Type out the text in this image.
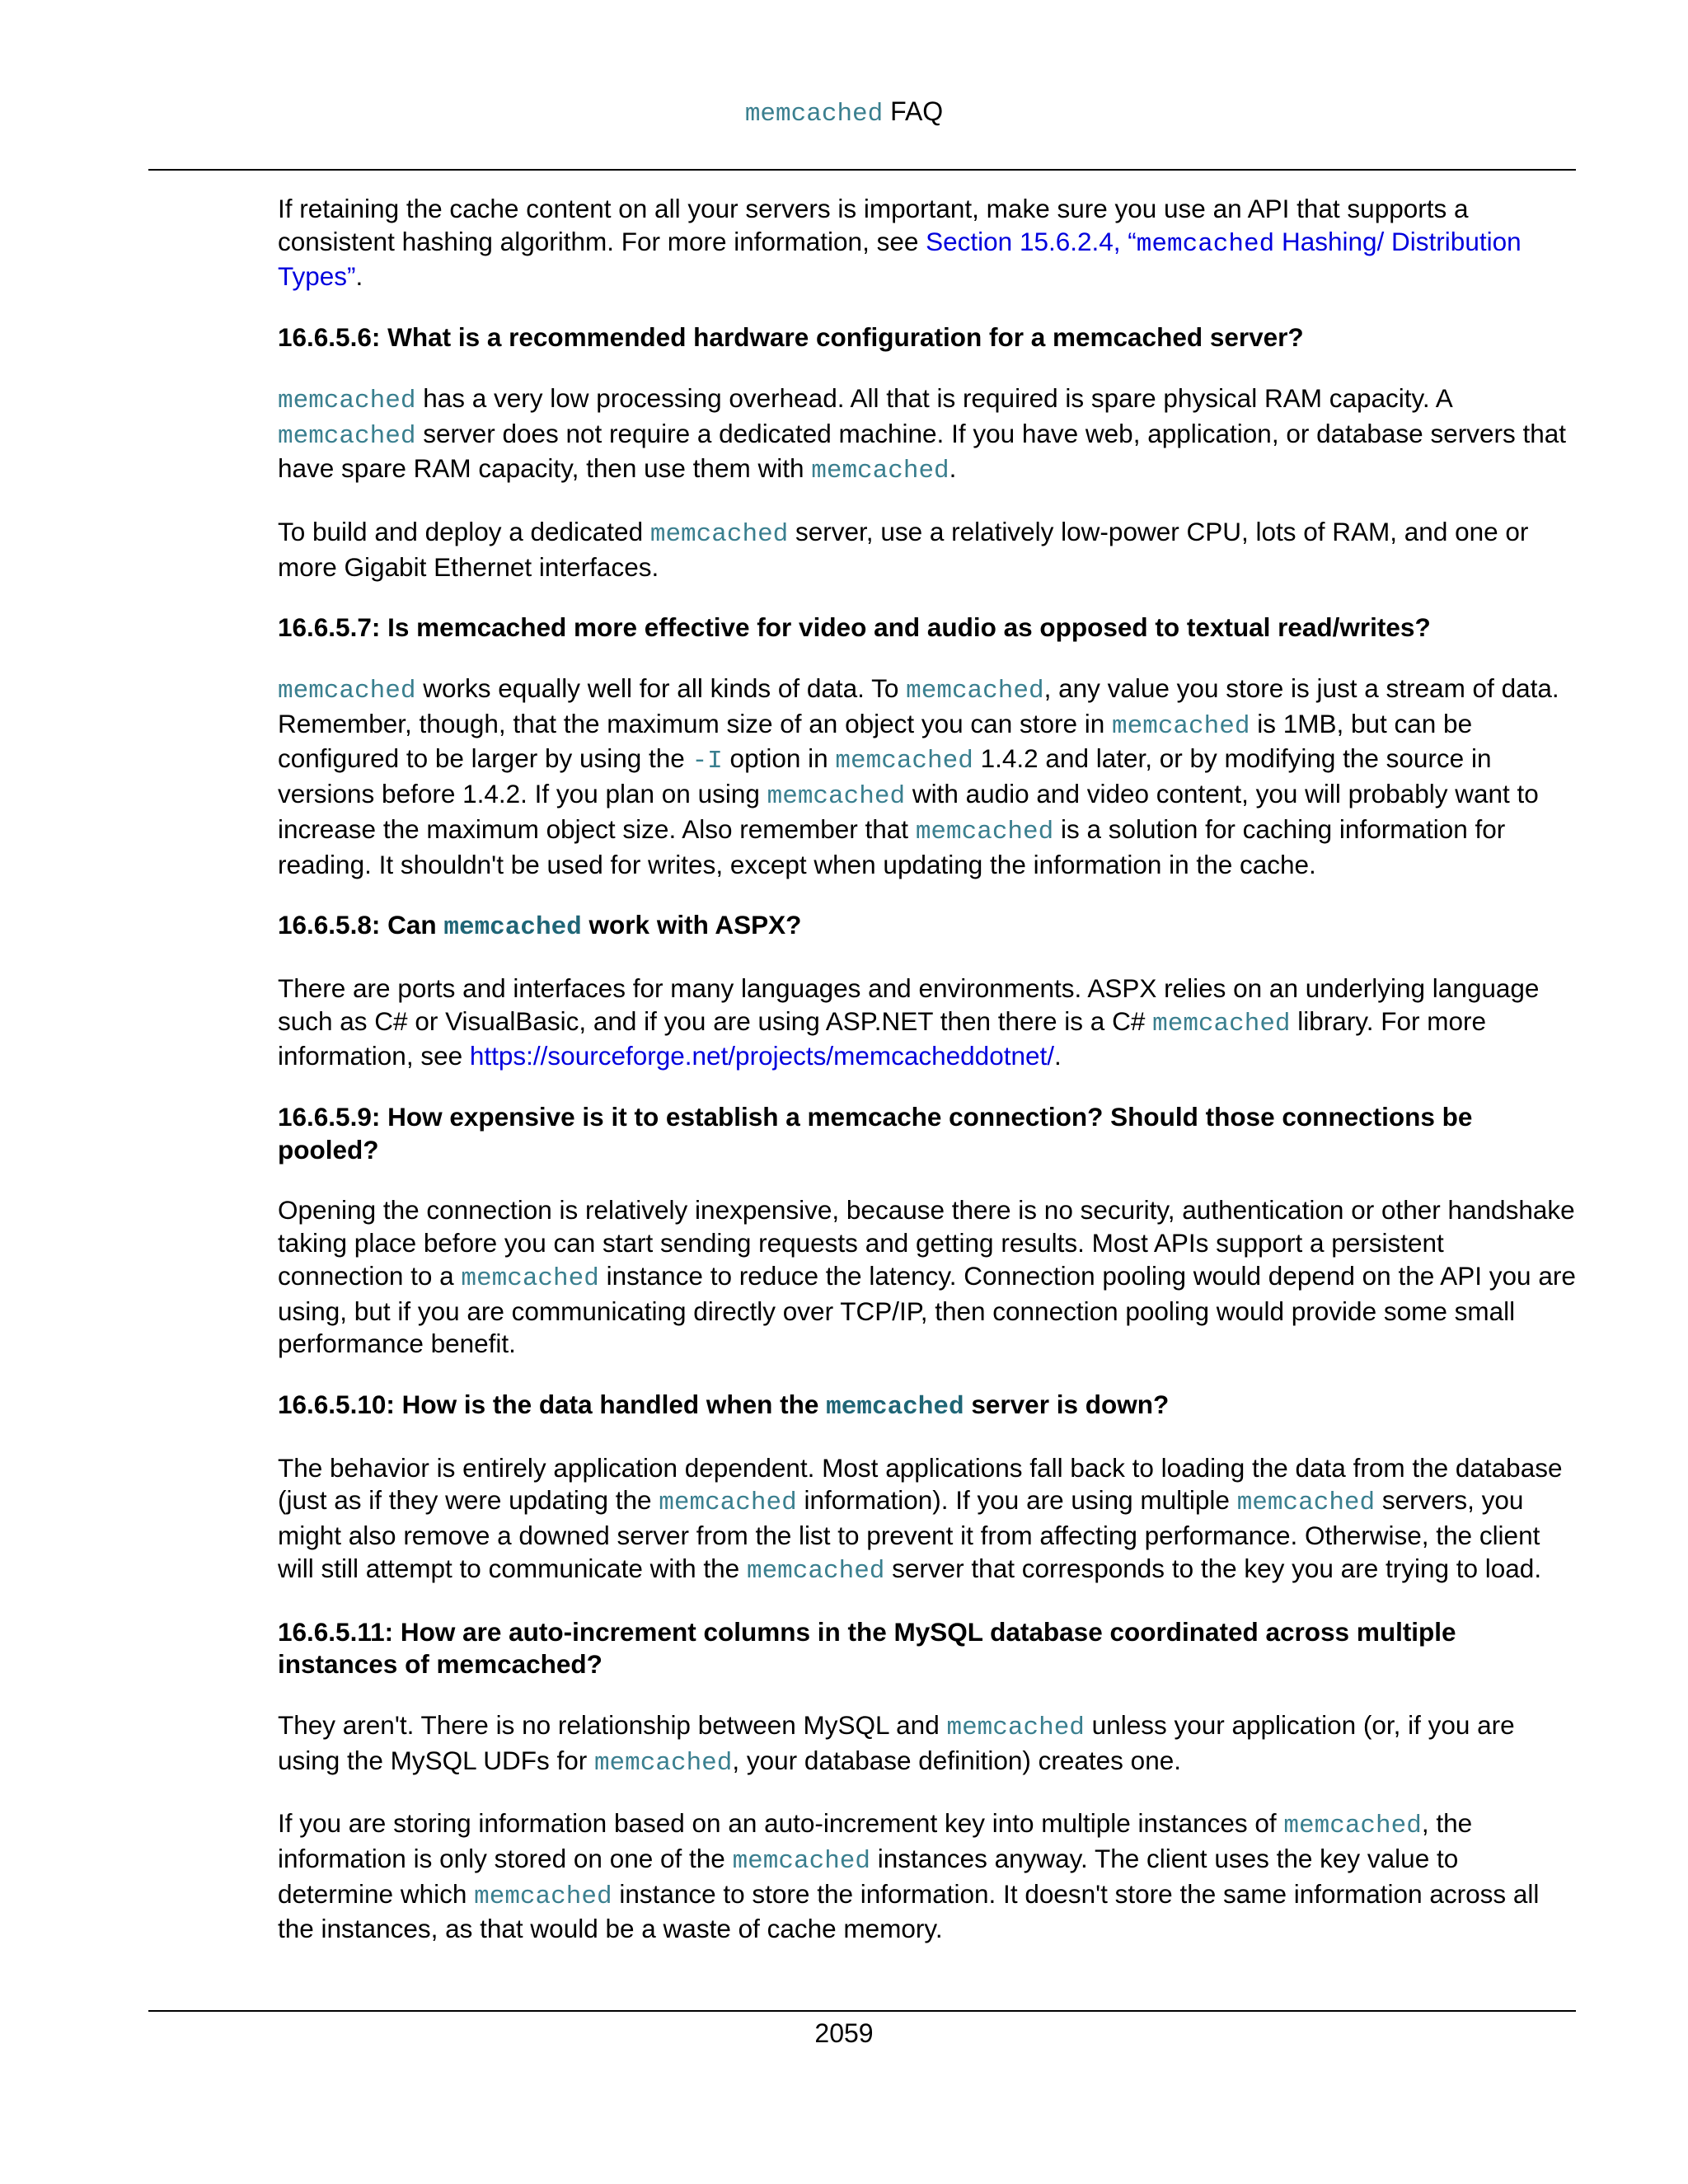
memcached FAQ
If retaining the cache content on all your servers is important, make sure you use an API that supports a consistent hashing algorithm. For more information, see Section 15.6.2.4, “memcached Hashing/ Distribution Types”.
16.6.5.6: What is a recommended hardware configuration for a memcached server?
memcached has a very low processing overhead. All that is required is spare physical RAM capacity. A memcached server does not require a dedicated machine. If you have web, application, or database servers that have spare RAM capacity, then use them with memcached.
To build and deploy a dedicated memcached server, use a relatively low-power CPU, lots of RAM, and one or more Gigabit Ethernet interfaces.
16.6.5.7: Is memcached more effective for video and audio as opposed to textual read/writes?
memcached works equally well for all kinds of data. To memcached, any value you store is just a stream of data. Remember, though, that the maximum size of an object you can store in memcached is 1MB, but can be configured to be larger by using the -I option in memcached 1.4.2 and later, or by modifying the source in versions before 1.4.2. If you plan on using memcached with audio and video content, you will probably want to increase the maximum object size. Also remember that memcached is a solution for caching information for reading. It shouldn't be used for writes, except when updating the information in the cache.
16.6.5.8: Can memcached work with ASPX?
There are ports and interfaces for many languages and environments. ASPX relies on an underlying language such as C# or VisualBasic, and if you are using ASP.NET then there is a C# memcached library. For more information, see https://sourceforge.net/projects/memcacheddotnet/.
16.6.5.9: How expensive is it to establish a memcache connection? Should those connections be pooled?
Opening the connection is relatively inexpensive, because there is no security, authentication or other handshake taking place before you can start sending requests and getting results. Most APIs support a persistent connection to a memcached instance to reduce the latency. Connection pooling would depend on the API you are using, but if you are communicating directly over TCP/IP, then connection pooling would provide some small performance benefit.
16.6.5.10: How is the data handled when the memcached server is down?
The behavior is entirely application dependent. Most applications fall back to loading the data from the database (just as if they were updating the memcached information). If you are using multiple memcached servers, you might also remove a downed server from the list to prevent it from affecting performance. Otherwise, the client will still attempt to communicate with the memcached server that corresponds to the key you are trying to load.
16.6.5.11: How are auto-increment columns in the MySQL database coordinated across multiple instances of memcached?
They aren't. There is no relationship between MySQL and memcached unless your application (or, if you are using the MySQL UDFs for memcached, your database definition) creates one.
If you are storing information based on an auto-increment key into multiple instances of memcached, the information is only stored on one of the memcached instances anyway. The client uses the key value to determine which memcached instance to store the information. It doesn't store the same information across all the instances, as that would be a waste of cache memory.
2059
